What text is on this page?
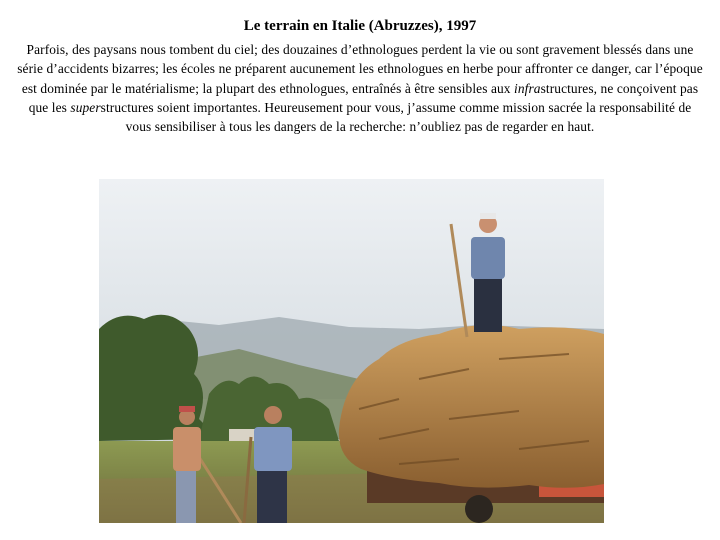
Le terrain en Italie (Abruzzes), 1997
Parfois, des paysans nous tombent du ciel; des douzaines d’ethnologues perdent la vie ou sont gravement blessés dans une série d’accidents bizarres; les écoles ne préparent aucunement les ethnologues en herbe pour affronter ce danger, car l’époque est dominée par le matérialisme; la plupart des ethnologues, entraînés à être sensibles aux infrastructures, ne conçoivent pas que les superstructures soient importantes. Heureusement pour vous, j’assume comme mission sacrée la responsabilité de vous sensibiliser à tous les dangers de la recherche: n’oubliez pas de regarder en haut.
